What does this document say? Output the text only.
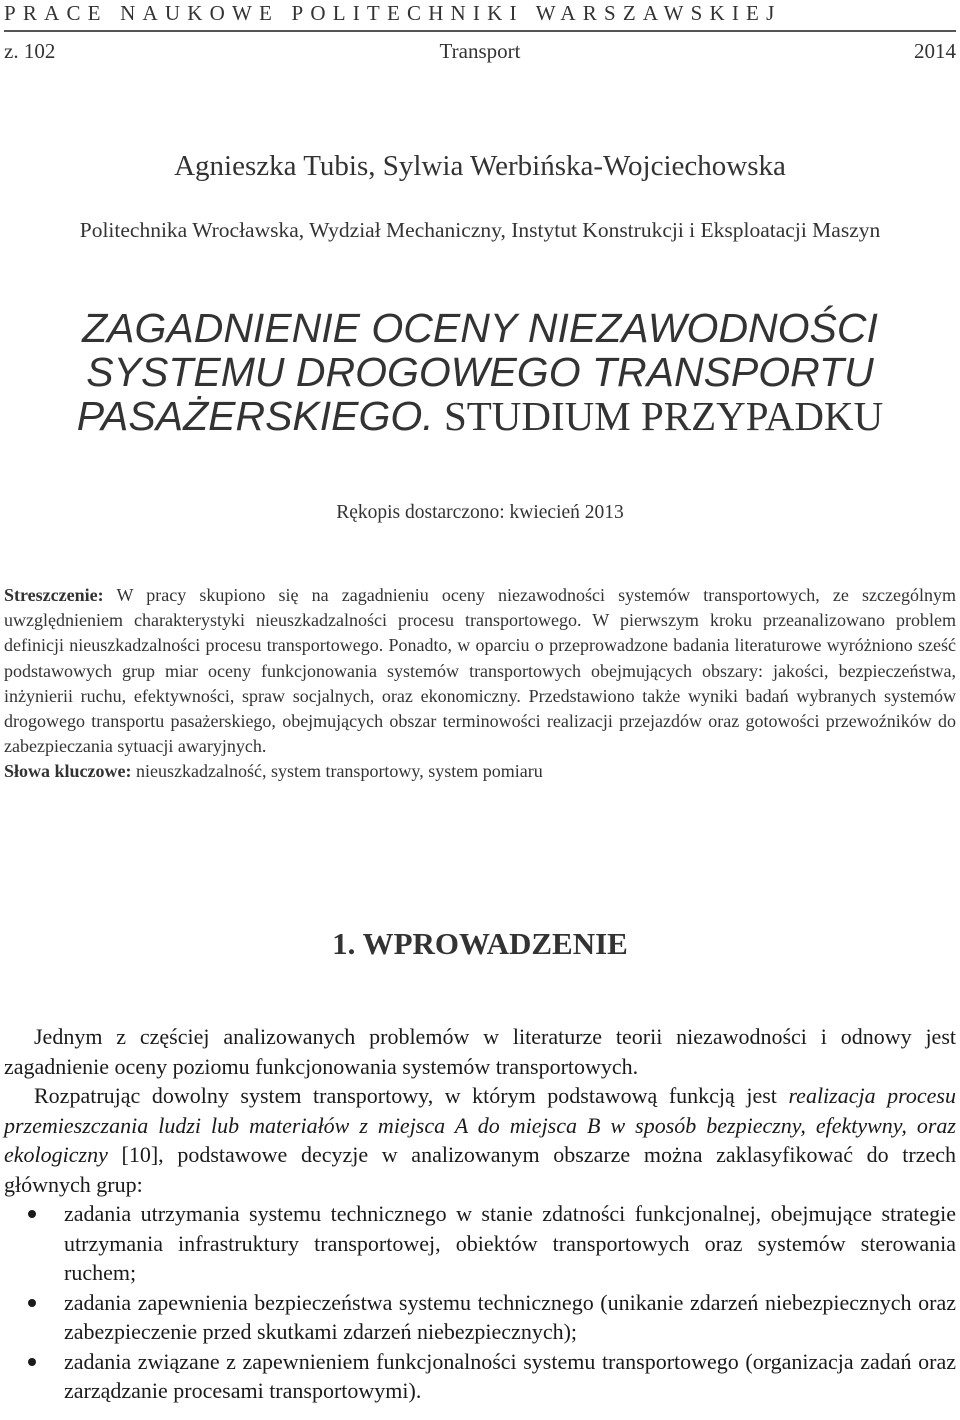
PRACE NAUKOWE POLITECHNIKI WARSZAWSKIEJ
z. 102	Transport	2014
Agnieszka Tubis, Sylwia Werbińska-Wojciechowska
Politechnika Wrocławska, Wydział Mechaniczny, Instytut Konstrukcji i Eksploatacji Maszyn
ZAGADNIENIE OCENY NIEZAWODNOŚCI
SYSTEMU DROGOWEGO TRANSPORTU
PASAŻERSKIEGO. STUDIUM PRZYPADKU
Rękopis dostarczono: kwiecień 2013

Streszczenie: W pracy skupiono się na zagadnieniu oceny niezawodności systemów transportowych, ze szczególnym uwzględnieniem charakterystyki nieuszkadzalności procesu transportowego. W pierwszym kroku przeanalizowano problem definicji nieuszkadzalności procesu transportowego. Ponadto, w oparciu o przeprowadzone badania literaturowe wyróżniono sześć podstawowych grup miar oceny funkcjonowania systemów transportowych obejmujących obszary: jakości, bezpieczeństwa, inżynierii ruchu, efektywności, spraw socjalnych, oraz ekonomiczny. Przedstawiono także wyniki badań wybranych systemów drogowego transportu pasażerskiego, obejmujących obszar terminowości realizacji przejazdów oraz gotowości przewoźników do zabezpieczania sytuacji awaryjnych.

Słowa kluczowe: nieuszkadzalność, system transportowy, system pomiaru

1. WPROWADZENIE

Jednym z częściej analizowanych problemów w literaturze teorii niezawodności i odnowy jest zagadnienie oceny poziomu funkcjonowania systemów transportowych.

Rozpatrując dowolny system transportowy, w którym podstawową funkcją jest realizacja procesu przemieszczania ludzi lub materiałów z miejsca A do miejsca B w sposób bezpieczny, efektywny, oraz ekologiczny [10], podstawowe decyzje w analizowanym obszarze można zaklasyfikować do trzech głównych grup:

zadania utrzymania systemu technicznego w stanie zdatności funkcjonalnej, obejmujące strategie utrzymania infrastruktury transportowej, obiektów transportowych oraz systemów sterowania ruchem;
zadania zapewnienia bezpieczeństwa systemu technicznego (unikanie zdarzeń niebezpiecznych oraz zabezpieczenie przed skutkami zdarzeń niebezpiecznych);
zadania związane z zapewnieniem funkcjonalności systemu transportowego (organizacja zadań oraz zarządzanie procesami transportowymi).
